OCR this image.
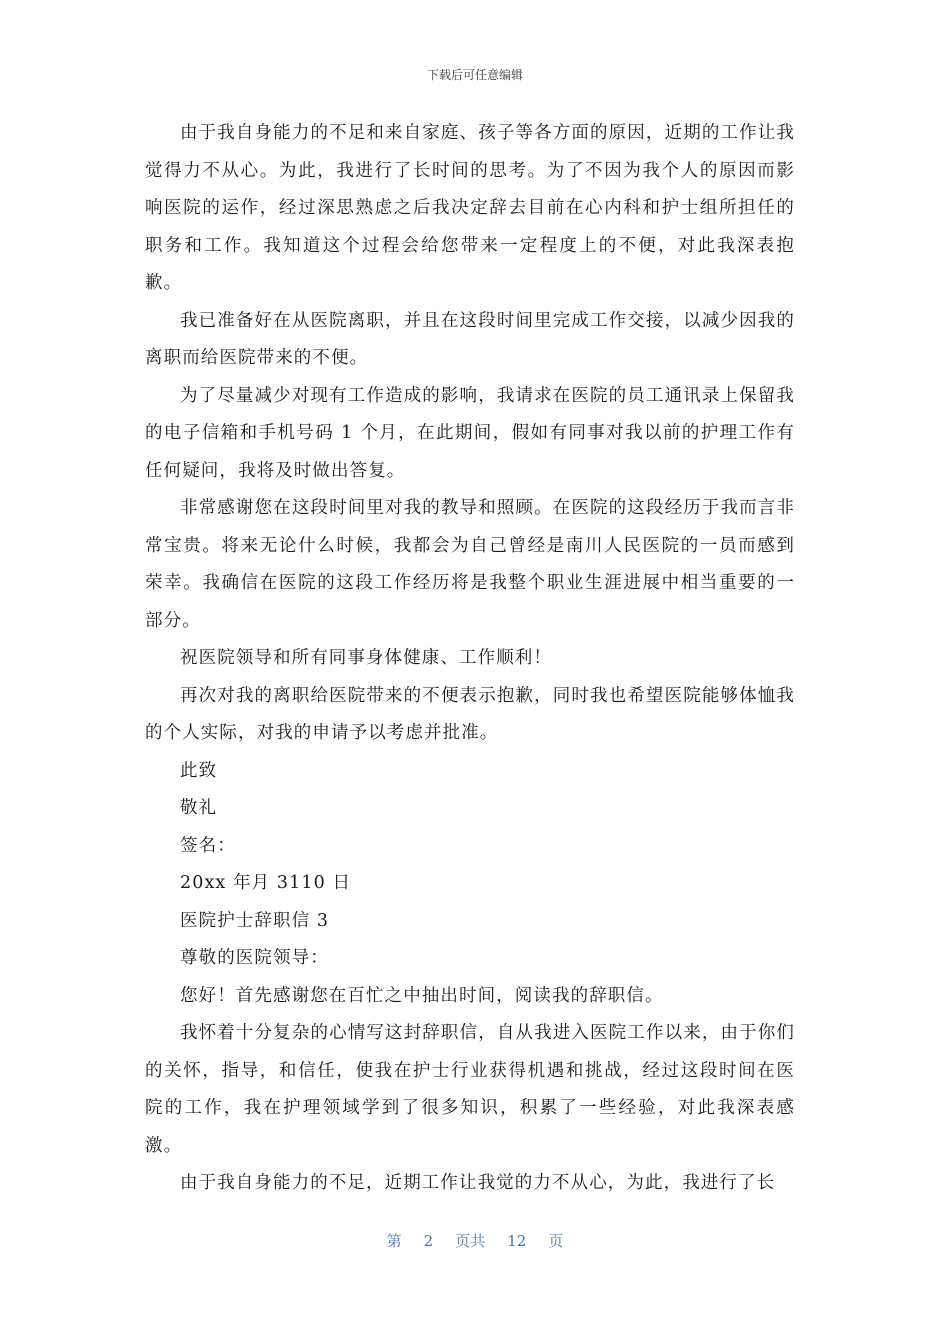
下载后可任意编辑

由于我自身能力的不足和来自家庭、孩子等各方面的原因，近期的工作让我觉得力不从心。为此，我进行了长时间的思考。为了不因为我个人的原因而影响医院的运作，经过深思熟虑之后我决定辞去目前在心内科和护士组所担任的职务和工作。我知道这个过程会给您带来一定程度上的不便，对此我深表抱歉。

我已准备好在从医院离职，并且在这段时间里完成工作交接，以减少因我的离职而给医院带来的不便。

为了尽量减少对现有工作造成的影响，我请求在医院的员工通讯录上保留我的电子信箱和手机号码 1 个月，在此期间，假如有同事对我以前的护理工作有任何疑问，我将及时做出答复。

非常感谢您在这段时间里对我的教导和照顾。在医院的这段经历于我而言非常宝贵。将来无论什么时候，我都会为自己曾经是南川人民医院的一员而感到荣幸。我确信在医院的这段工作经历将是我整个职业生涯进展中相当重要的一部分。

祝医院领导和所有同事身体健康、工作顺利！

再次对我的离职给医院带来的不便表示抱歉，同时我也希望医院能够体恤我的个人实际，对我的申请予以考虑并批准。

此致

敬礼

签名：

20xx 年月 3110 日

医院护士辞职信 3

尊敬的医院领导：

您好！首先感谢您在百忙之中抽出时间，阅读我的辞职信。

我怀着十分复杂的心情写这封辞职信，自从我进入医院工作以来，由于你们的关怀，指导，和信任，使我在护士行业获得机遇和挑战，经过这段时间在医院的工作，我在护理领域学到了很多知识，积累了一些经验，对此我深表感激。

由于我自身能力的不足，近期工作让我觉的力不从心，为此，我进行了长

第 2 页共 12 页
